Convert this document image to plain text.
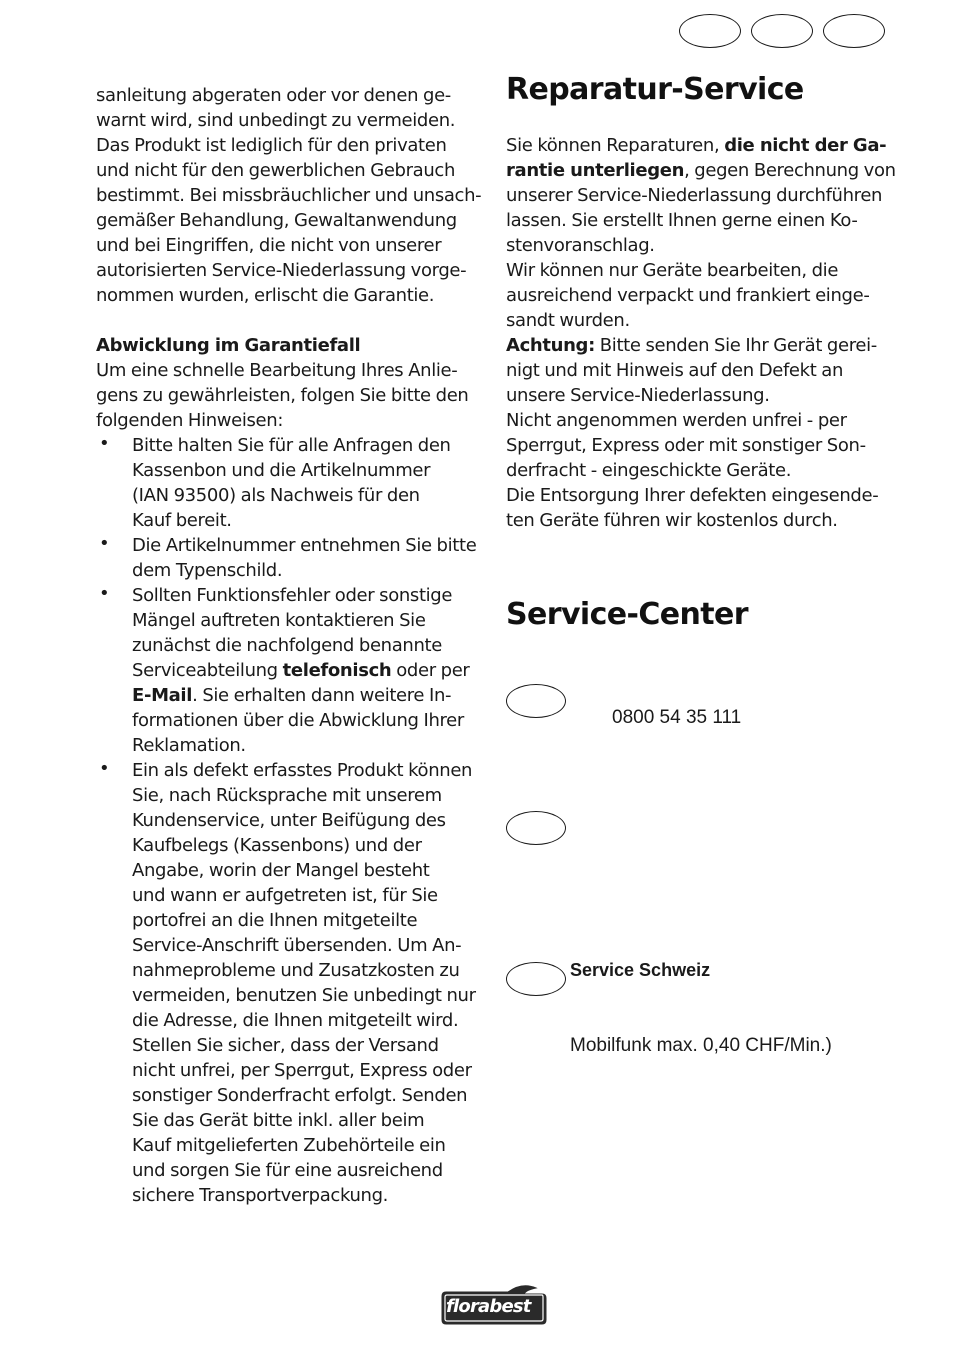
sanleitung abgeraten oder vor denen ge-

warnt wird, sind unbedingt zu vermeiden.

Das Produkt ist lediglich für den privaten

und nicht für den gewerblichen Gebrauch

bestimmt. Bei missbräuchlicher und unsach-

gemäßer Behandlung, Gewaltanwendung

und bei Eingriffen, die nicht von unserer

autorisierten Service-Niederlassung vorge-

nommen wurden, erlischt die Garantie.

Abwicklung im Garantiefall

Um eine schnelle Bearbeitung Ihres Anlie-

gens zu gewährleisten, folgen Sie bitte den

folgenden Hinweisen:

• Bitte halten Sie für alle Anfragen den

Kassenbon und die Artikelnummer

(IAN 93500) als Nachweis für den

Kauf bereit.

• Die Artikelnummer entnehmen Sie bitte

dem Typenschild.

• Sollten Funktionsfehler oder sonstige

Mängel auftreten kontaktieren Sie

zunächst die nachfolgend benannte

Serviceabteilung telefonisch oder per

E-Mail. Sie erhalten dann weitere In-

formationen über die Abwicklung Ihrer

Reklamation.

• Ein als defekt erfasstes Produkt können

Sie, nach Rücksprache mit unserem

Kundenservice, unter Beifügung des

Kaufbelegs (Kassenbons) und der

Angabe, worin der Mangel besteht

und wann er aufgetreten ist, für Sie

portofrei an die Ihnen mitgeteilte

Service-Anschrift übersenden. Um An-

nahmeprobleme und Zusatzkosten zu

vermeiden, benutzen Sie unbedingt nur

die Adresse, die Ihnen mitgeteilt wird.

Stellen Sie sicher, dass der Versand

nicht unfrei, per Sperrgut, Express oder

sonstiger Sonderfracht erfolgt. Senden

Sie das Gerät bitte inkl. aller beim

Kauf mitgelieferten Zubehörteile ein

und sorgen Sie für eine ausreichend

sichere Transportverpackung.

Reparatur-Service

Sie können Reparaturen, die nicht der Ga-

rantie unterliegen, gegen Berechnung von

unserer Service-Niederlassung durchführen

lassen. Sie erstellt Ihnen gerne einen Ko-

stenvoranschlag.

Wir können nur Geräte bearbeiten, die

ausreichend verpackt und frankiert einge-

sandt wurden.

Achtung: Bitte senden Sie Ihr Gerät gerei-

nigt und mit Hinweis auf den Defekt an

unsere Service-Niederlassung.

Nicht angenommen werden unfrei - per

Sperrgut, Express oder mit sonstiger Son-

derfracht - eingeschickte Geräte.

Die Entsorgung Ihrer defekten eingesende-

ten Geräte führen wir kostenlos durch.

Service-Center
0800 54 35 111
Service Schweiz
Mobilfunk max. 0,40 CHF/Min.)
florabest
